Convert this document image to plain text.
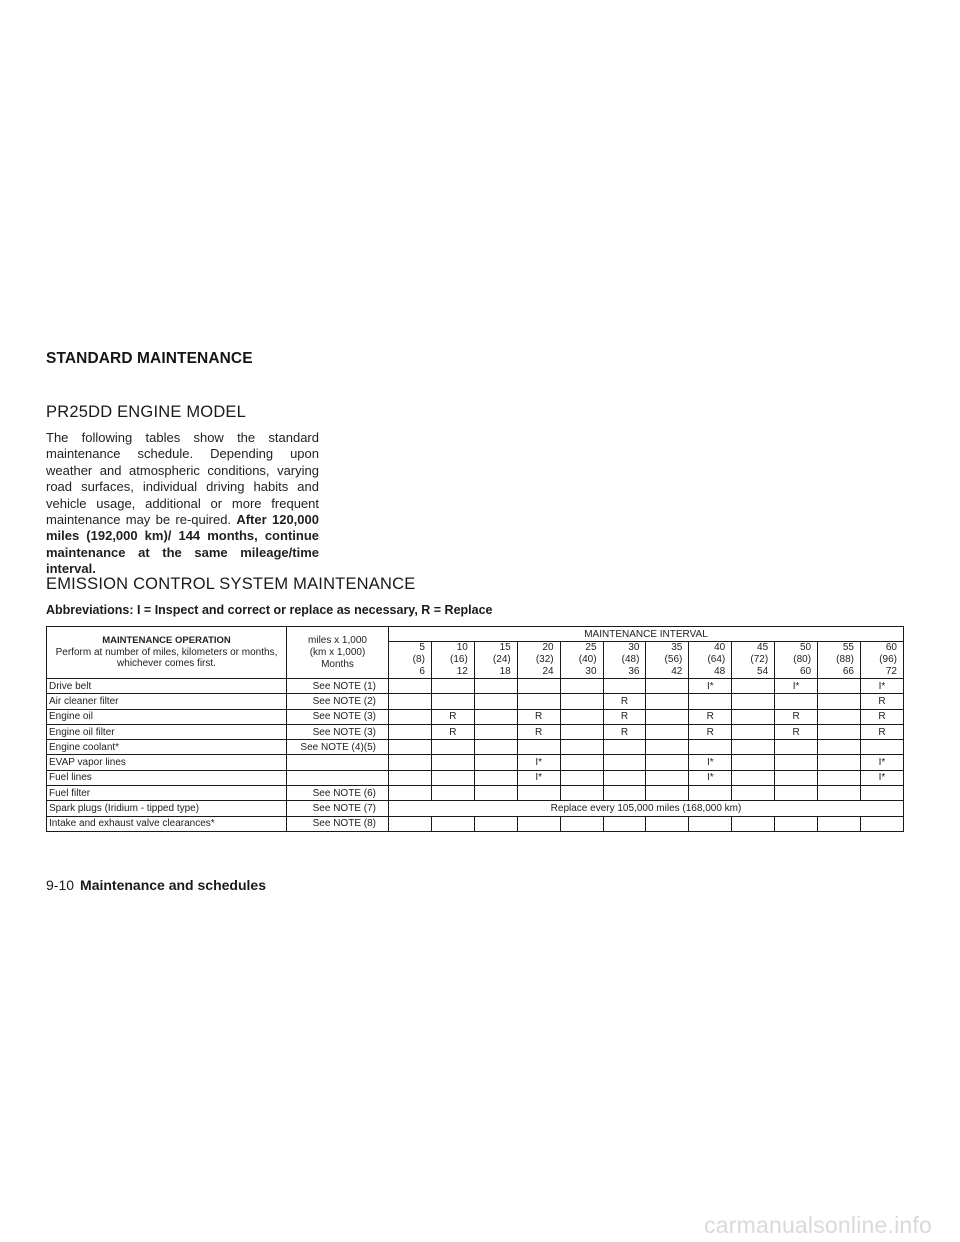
STANDARD MAINTENANCE
PR25DD ENGINE MODEL

The following tables show the standard maintenance schedule. Depending upon weather and atmospheric conditions, varying road surfaces, individual driving habits and vehicle usage, additional or more frequent maintenance may be re-quired. After 120,000 miles (192,000 km)/ 144 months, continue maintenance at the same mileage/time interval.

EMISSION CONTROL SYSTEM MAINTENANCE

Abbreviations: I = Inspect and correct or replace as necessary, R = Replace

MAINTENANCE OPERATION
Perform at number of miles, kilometers or months, whichever comes first.	miles x 1,000
(km x 1,000)
Months	MAINTENANCE INTERVAL											
		5
(8)
6	10
(16)
12	15
(24)
18	20
(32)
24	25
(40)
30	30
(48)
36	35
(56)
42	40
(64)
48	45
(72)
54	50
(80)
60	55
(88)
66	60
(96)
72
Drive belt	See NOTE (1)								I*		I*		I*
Air cleaner filter	See NOTE (2)						R						R
Engine oil	See NOTE (3)		R		R		R		R		R		R
Engine oil filter	See NOTE (3)		R		R		R		R		R		R
Engine coolant*	See NOTE (4)(5)												
EVAP vapor lines					I*				I*				I*
Fuel lines					I*				I*				I*
Fuel filter	See NOTE (6)												
Spark plugs (Iridium - tipped type)	See NOTE (7)	Replace every 105,000 miles (168,000 km)											
Intake and exhaust valve clearances*	See NOTE (8)												

9-10 Maintenance and schedules

carmanualsonline.info
